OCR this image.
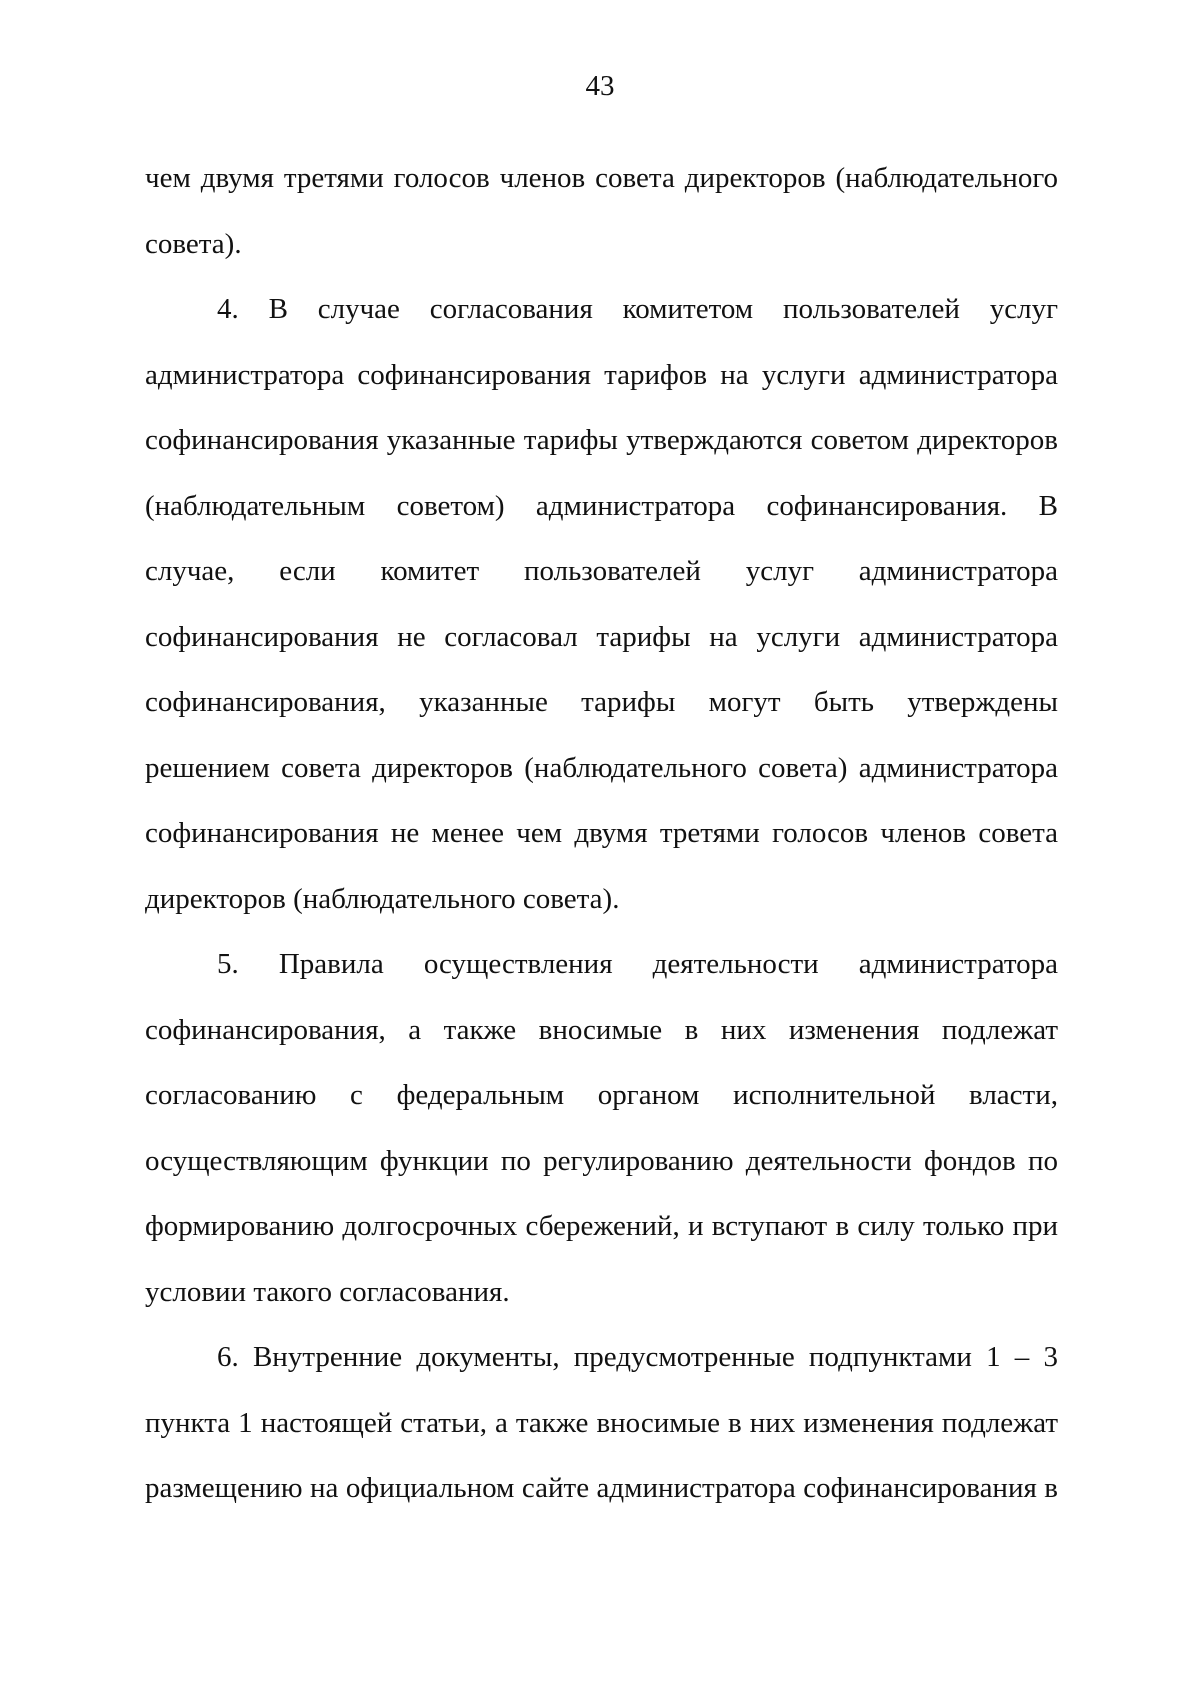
43

чем двумя третями голосов членов совета директоров (наблюдательного совета).

4. В случае согласования комитетом пользователей услуг администратора софинансирования тарифов на услуги администратора софинансирования указанные тарифы утверждаются советом директоров (наблюдательным советом) администратора софинансирования. В случае, если комитет пользователей услуг администратора софинансирования не согласовал тарифы на услуги администратора софинансирования, указанные тарифы могут быть утверждены решением совета директоров (наблюдательного совета) администратора софинансирования не менее чем двумя третями голосов членов совета директоров (наблюдательного совета).

5. Правила осуществления деятельности администратора софинансирования, а также вносимые в них изменения подлежат согласованию с федеральным органом исполнительной власти, осуществляющим функции по регулированию деятельности фондов по формированию долгосрочных сбережений, и вступают в силу только при условии такого согласования.

6. Внутренние документы, предусмотренные подпунктами 1 – 3 пункта 1 настоящей статьи, а также вносимые в них изменения подлежат размещению на официальном сайте администратора софинансирования в
